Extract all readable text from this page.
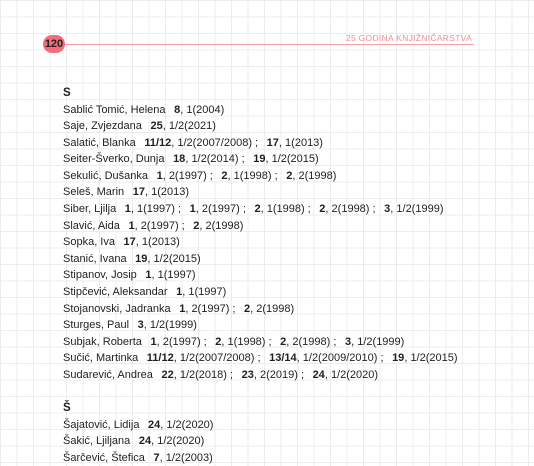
120	25 GODINA KNJIŽNIČARSTVA
S
Sablić Tomić, Helena  8, 1(2004)
Saje, Zvjezdana  25, 1/2(2021)
Salatić, Blanka  11/12, 1/2(2007/2008) ;  17, 1(2013)
Seiter-Šverko, Dunja  18, 1/2(2014) ;  19, 1/2(2015)
Sekulić, Dušanka  1, 2(1997) ;  2, 1(1998) ;  2, 2(1998)
Seleš, Marin  17, 1(2013)
Siber, Ljilja  1, 1(1997) ;  1, 2(1997) ;  2, 1(1998) ;  2, 2(1998) ;  3, 1/2(1999)
Slavić, Aida  1, 2(1997) ;  2, 2(1998)
Sopka, Iva  17, 1(2013)
Stanić, Ivana  19, 1/2(2015)
Stipanov, Josip  1, 1(1997)
Stipčević, Aleksandar  1, 1(1997)
Stojanovski, Jadranka  1, 2(1997) ;  2, 2(1998)
Sturges, Paul  3, 1/2(1999)
Subjak, Roberta  1, 2(1997) ;  2, 1(1998) ;  2, 2(1998) ;  3, 1/2(1999)
Sučić, Martinka  11/12, 1/2(2007/2008) ;  13/14, 1/2(2009/2010) ;  19, 1/2(2015)
Sudarević, Andrea  22, 1/2(2018) ;  23, 2(2019) ;  24, 1/2(2020)
Š
Šajatović, Lidija  24, 1/2(2020)
Šakić, Ljiljana  24, 1/2(2020)
Šarčević, Štefica  7, 1/2(2003)
